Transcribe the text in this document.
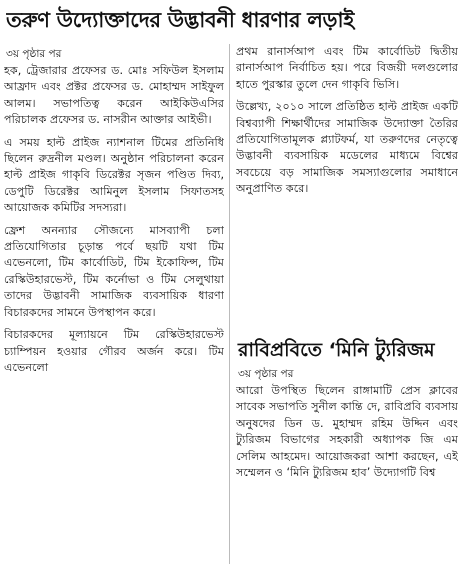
তরুণ উদ্যোক্তাদের উদ্ভাবনী ধারণার লড়াই
৩য় পৃষ্ঠার পর

হক, ট্রেজারার প্রফেসর ড. মোঃ সফিউল ইসলাম আফ্রাদ এবং প্রক্টর প্রফেসর ড. মোহাম্মদ সাইফুল আলম। সভাপতিত্ব করেন আইকিউএসির পরিচালক প্রফেসর ড. নাসরীন আক্তার আইভী।

এ সময় হাল্ট প্রাইজ ন্যাশনাল টিমের প্রতিনিধি ছিলেন রুদ্রনীল মণ্ডল। অনুষ্ঠান পরিচালনা করেন হাল্ট প্রাইজ গাকৃবি ডিরেক্টর সৃজন পণ্ডিত দিব্য, ডেপুটি ডিরেক্টর আমিনুল ইসলাম সিফাতসহ আয়োজক কমিটির সদস্যরা।

ফ্রেশ অনন্যার সৌজন্যে মাসব্যাপী চলা প্রতিযোগিতার চূড়ান্ত পর্বে ছয়টি যথা টিম এভেনলো, টিম কার্বোডিট, টিম ইকোফিন্স, টিম রেস্কিউহারভেস্ট, টিম কর্নোভা ও টিম সেলুথায়া তাদের উদ্ভাবনী সামাজিক ব্যবসায়িক ধারণা বিচারকদের সামনে উপস্থাপন করে।

বিচারকদের মূল্যায়নে টিম রেস্কিউহারভেস্ট চ্যাম্পিয়ন হওয়ার গৌরব অর্জন করে। টিম এভেনলো

প্রথম রানার্সআপ এবং টিম কার্বোডিট দ্বিতীয় রানার্সআপ নির্বাচিত হয়। পরে বিজয়ী দলগুলোর হাতে পুরস্কার তুলে দেন গাকৃবি ভিসি।

উল্লেখ্য, ২০১০ সালে প্রতিষ্ঠিত হাল্ট প্রাইজ একটি বিশ্বব্যাপী শিক্ষার্থীদের সামাজিক উদ্যোক্তা তৈরির প্রতিযোগিতামূলক প্ল্যাটফর্ম, যা তরুণদের নেতৃত্বে উদ্ভাবনী ব্যবসায়িক মডেলের মাধ্যমে বিশ্বের সবচেয়ে বড় সামাজিক সমস্যাগুলোর সমাধানে অনুপ্রাণিত করে।

রাবিপ্রবিতে ‘মিনি ট্যুরিজম
৩য় পৃষ্ঠার পর

আরো উপস্থিত ছিলেন রাঙ্গামাটি প্রেস ক্লাবের সাবেক সভাপতি সুনীল কান্তি দে, রাবিপ্রবি ব্যবসায় অনুষদের ডিন ড. মুহাম্মদ রহিম উদ্দিন এবং ট্যুরিজম বিভাগের সহকারী অধ্যাপক জি এম সেলিম আহমেদ। আয়োজকরা আশা করছেন, এই সম্মেলন ও ‘মিনি ট্যুরিজম হাব’ উদ্যোগটি বিশ্ব
